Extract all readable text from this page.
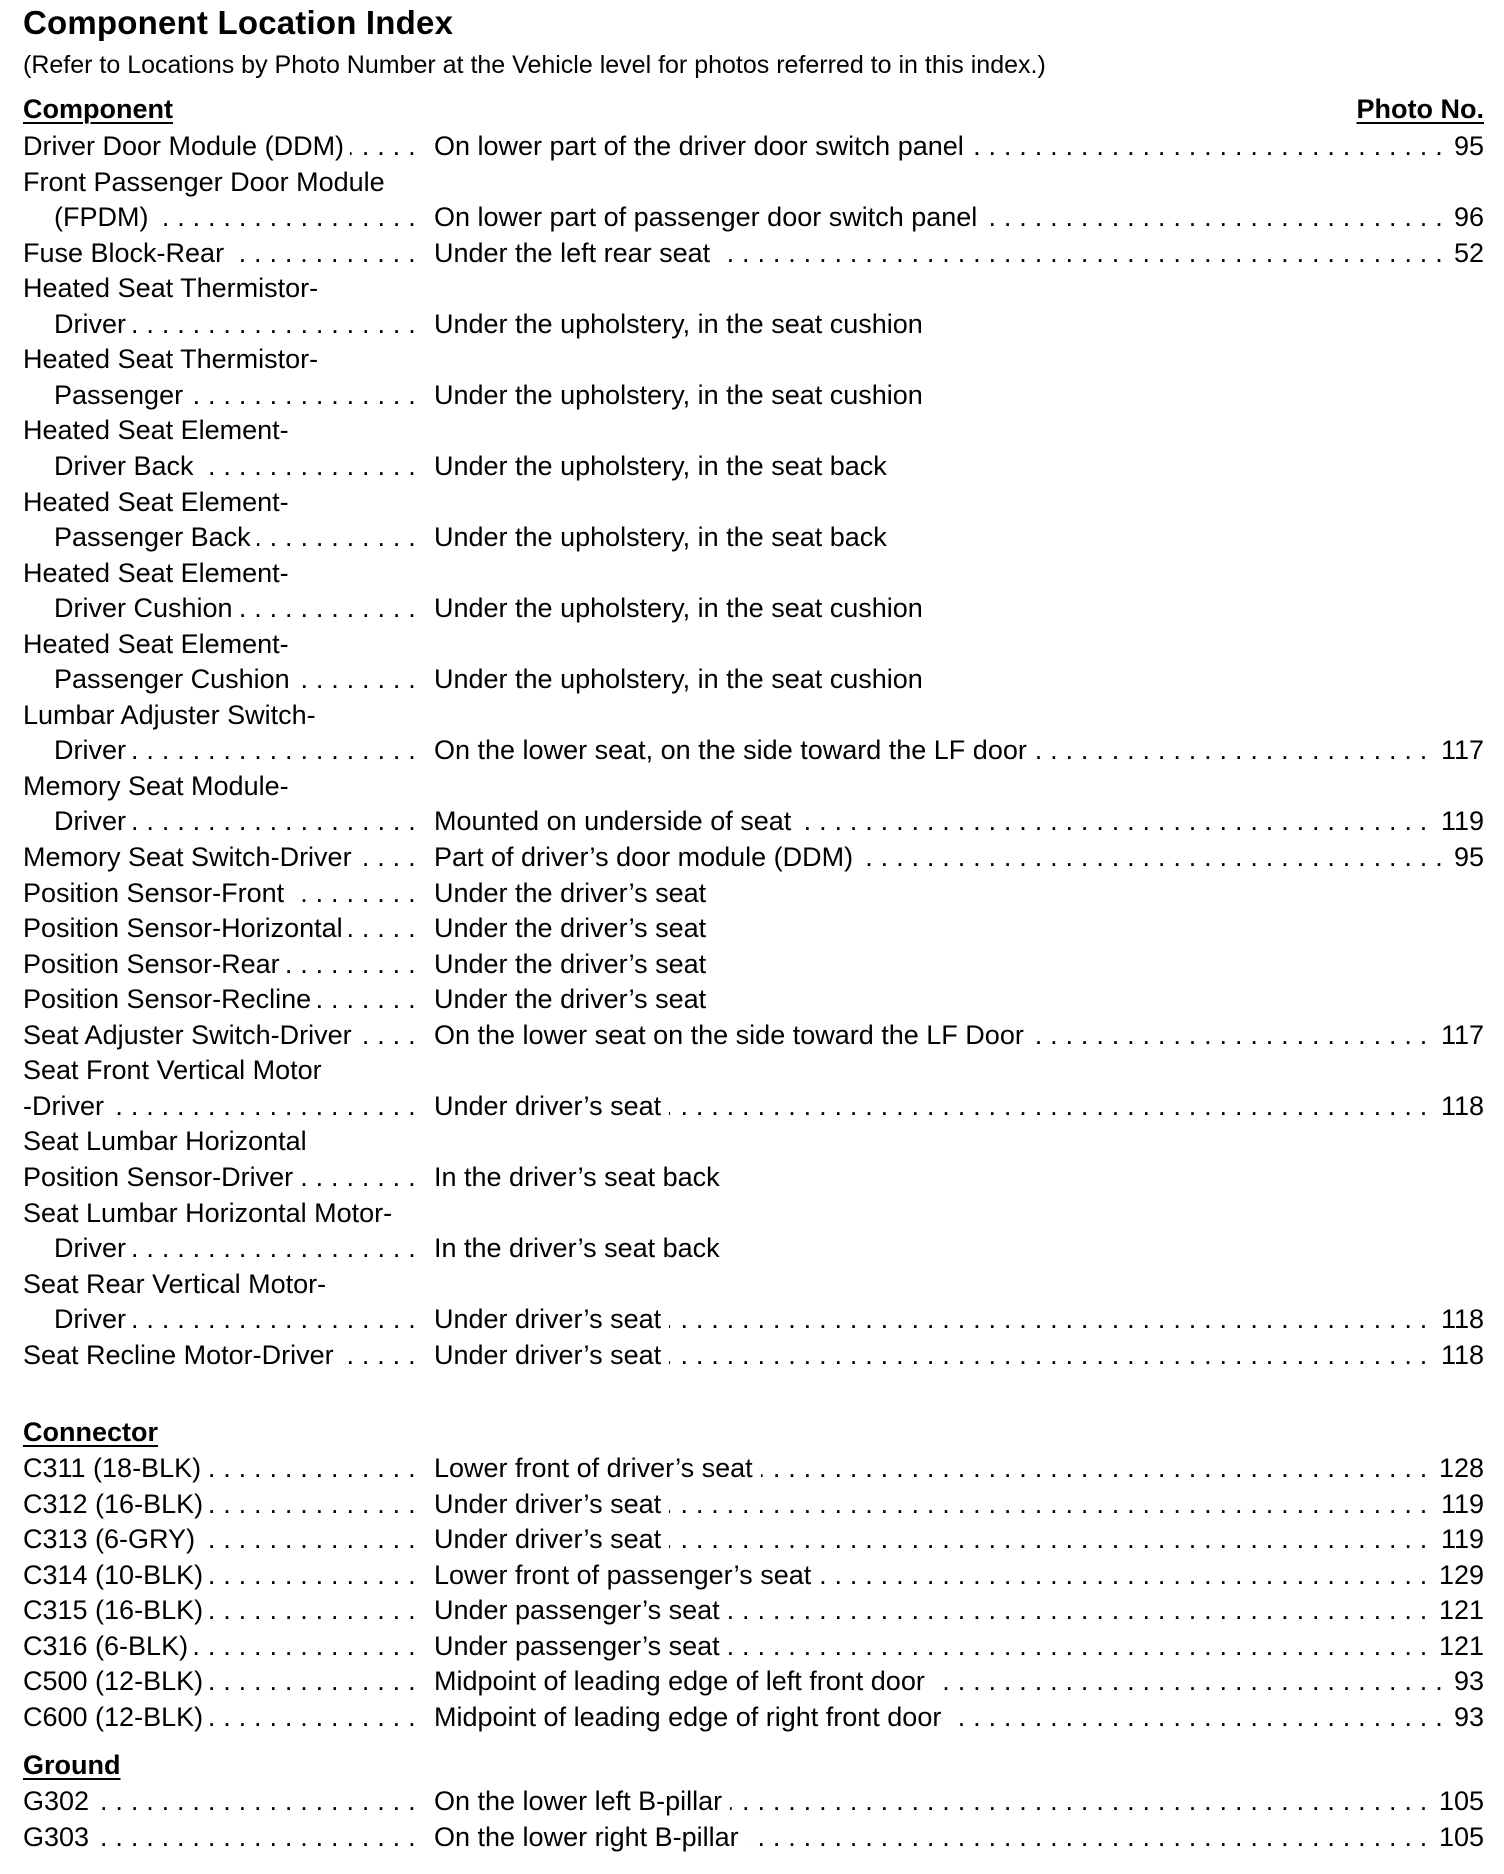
Component Location Index
(Refer to Locations by Photo Number at the Vehicle level for photos referred to in this index.)
Component	Photo No.
Connector
Ground
Driver Door Module (DDM) . . .	On lower part of the driver door switch panel . . .	95
Front Passenger Door Module
(FPDM) . . .	On lower part of passenger door switch panel . . .	96
Fuse Block-Rear . . .	Under the left rear seat . . .	52
Heated Seat Thermistor-
Driver . . .	Under the upholstery, in the seat cushion
Heated Seat Thermistor-
Passenger . . .	Under the upholstery, in the seat cushion
Heated Seat Element-
Driver Back . . .	Under the upholstery, in the seat back
Heated Seat Element-
Passenger Back . . .	Under the upholstery, in the seat back
Heated Seat Element-
Driver Cushion . . .	Under the upholstery, in the seat cushion
Heated Seat Element-
Passenger Cushion . . .	Under the upholstery, in the seat cushion
Lumbar Adjuster Switch-
Driver . . .	On the lower seat, on the side toward the LF door . . .	117
Memory Seat Module-
Driver . . .	Mounted on underside of seat . . .	119
Memory Seat Switch-Driver . . .	Part of driver’s door module (DDM) . . .	95
Position Sensor-Front . . .	Under the driver’s seat
Position Sensor-Horizontal . . .	Under the driver’s seat
Position Sensor-Rear . . .	Under the driver’s seat
Position Sensor-Recline . . .	Under the driver’s seat
Seat Adjuster Switch-Driver . . .	On the lower seat on the side toward the LF Door . . .	117
Seat Front Vertical Motor
-Driver . . .	Under driver’s seat . . .	118
Seat Lumbar Horizontal
Position Sensor-Driver . . .	In the driver’s seat back
Seat Lumbar Horizontal Motor-
Driver . . .	In the driver’s seat back
Seat Rear Vertical Motor-
Driver . . .	Under driver’s seat . . .	118
Seat Recline Motor-Driver . . .	Under driver’s seat . . .	118
C311 (18-BLK) . . .	Lower front of driver’s seat . . .	128
C312 (16-BLK) . . .	Under driver’s seat . . .	119
C313 (6-GRY) . . .	Under driver’s seat . . .	119
C314 (10-BLK) . . .	Lower front of passenger’s seat . . .	129
C315 (16-BLK) . . .	Under passenger’s seat . . .	121
C316 (6-BLK) . . .	Under passenger’s seat . . .	121
C500 (12-BLK) . . .	Midpoint of leading edge of left front door . . .	93
C600 (12-BLK) . . .	Midpoint of leading edge of right front door . . .	93
G302 . . .	On the lower left B-pillar . . .	105
G303 . . .	On the lower right B-pillar . . .	105
